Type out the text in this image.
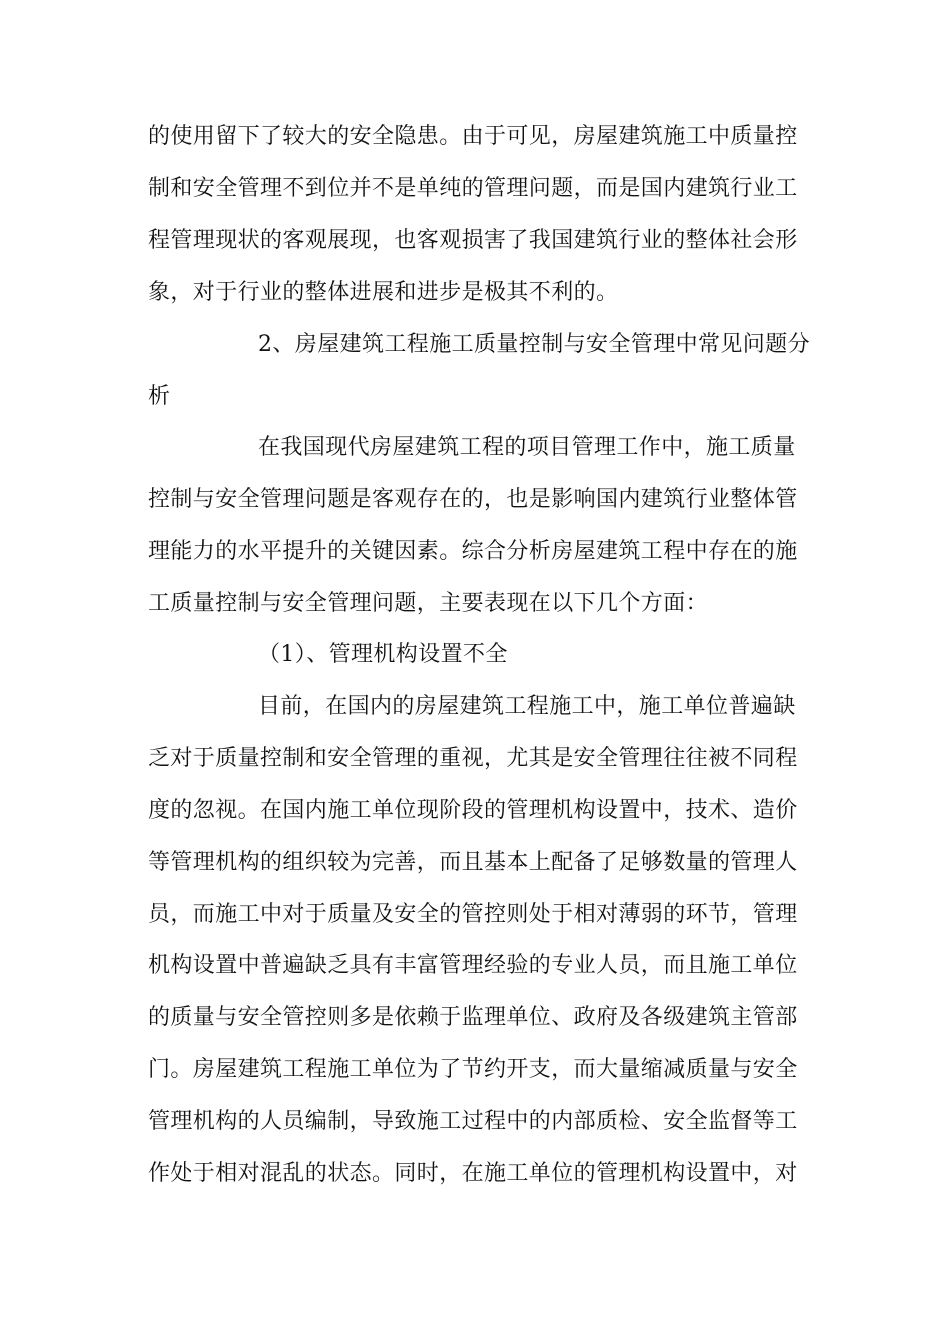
的使用留下了较大的安全隐患。由于可见，房屋建筑施工中质量控
制和安全管理不到位并不是单纯的管理问题，而是国内建筑行业工
程管理现状的客观展现，也客观损害了我国建筑行业的整体社会形
象，对于行业的整体进展和进步是极其不利的。
2、房屋建筑工程施工质量控制与安全管理中常见问题分
析
在我国现代房屋建筑工程的项目管理工作中，施工质量
控制与安全管理问题是客观存在的，也是影响国内建筑行业整体管
理能力的水平提升的关键因素。综合分析房屋建筑工程中存在的施
工质量控制与安全管理问题，主要表现在以下几个方面：
（1）、管理机构设置不全
目前，在国内的房屋建筑工程施工中，施工单位普遍缺
乏对于质量控制和安全管理的重视，尤其是安全管理往往被不同程
度的忽视。在国内施工单位现阶段的管理机构设置中，技术、造价
等管理机构的组织较为完善，而且基本上配备了足够数量的管理人
员，而施工中对于质量及安全的管控则处于相对薄弱的环节，管理
机构设置中普遍缺乏具有丰富管理经验的专业人员，而且施工单位
的质量与安全管控则多是依赖于监理单位、政府及各级建筑主管部
门。房屋建筑工程施工单位为了节约开支，而大量缩减质量与安全
管理机构的人员编制，导致施工过程中的内部质检、安全监督等工
作处于相对混乱的状态。同时，在施工单位的管理机构设置中，对
